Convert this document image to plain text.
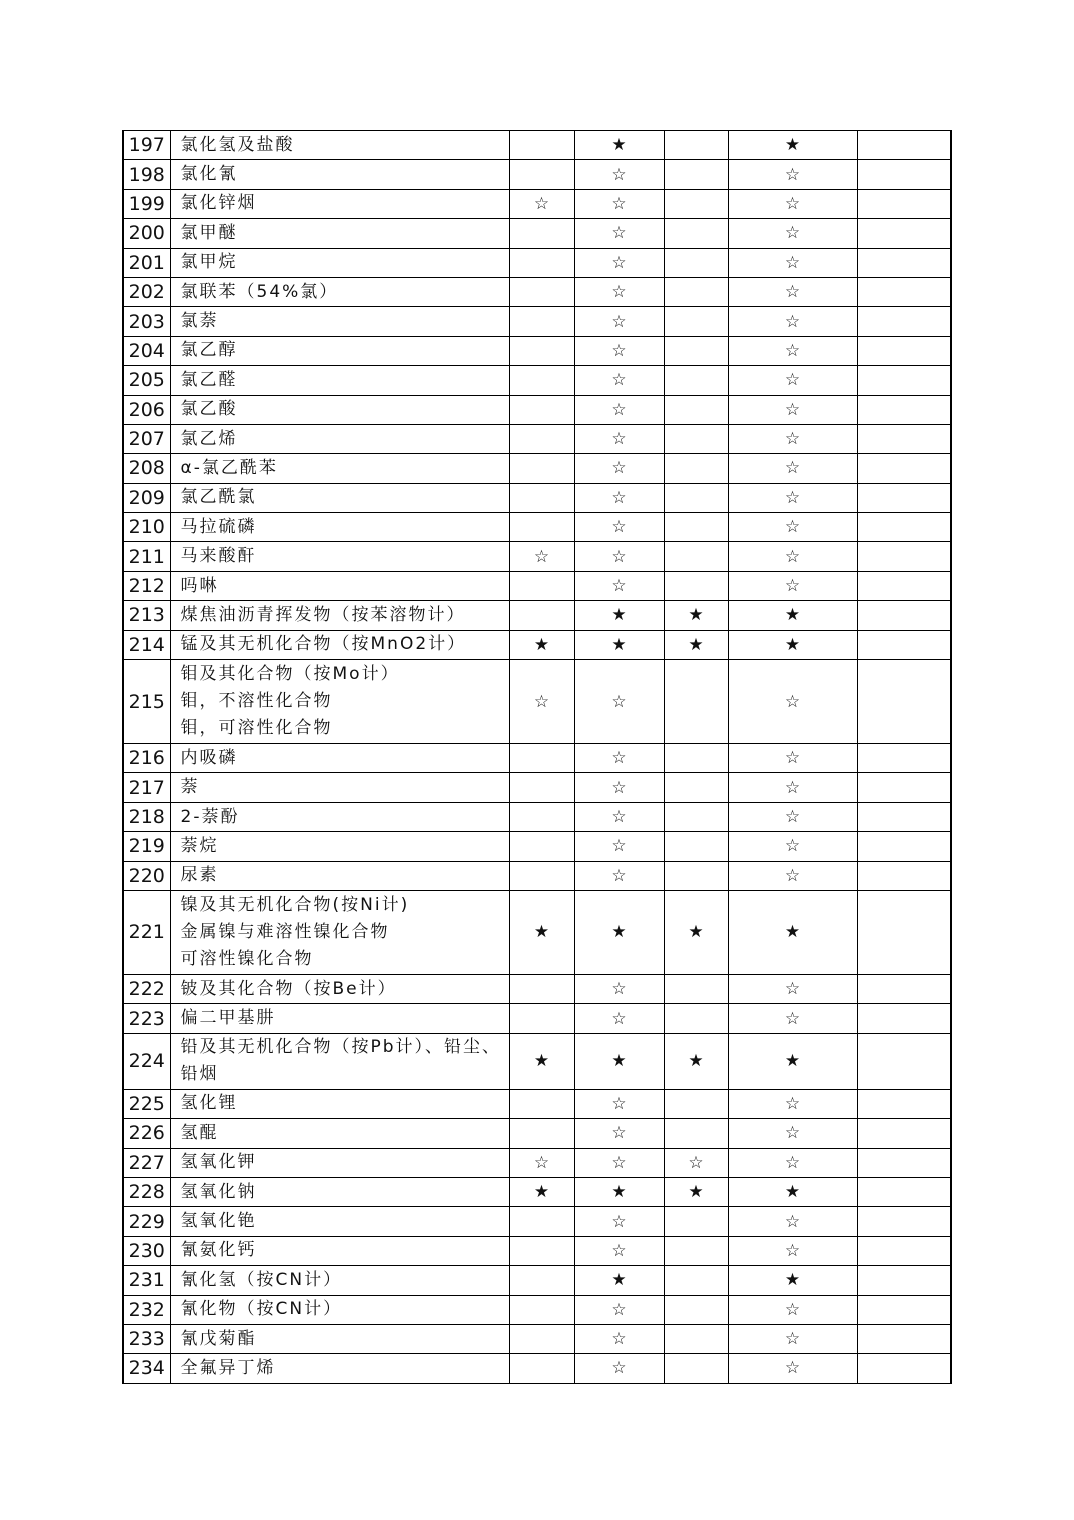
197	氯化氢及盐酸		★		★	
198	氯化氰		☆		☆	
199	氯化锌烟	☆	☆		☆	
200	氯甲醚		☆		☆	
201	氯甲烷		☆		☆	
202	氯联苯（54%氯）		☆		☆	
203	氯萘		☆		☆	
204	氯乙醇		☆		☆	
205	氯乙醛		☆		☆	
206	氯乙酸		☆		☆	
207	氯乙烯		☆		☆	
208	α-氯乙酰苯		☆		☆	
209	氯乙酰氯		☆		☆	
210	马拉硫磷		☆		☆	
211	马来酸酐	☆	☆		☆	
212	吗啉		☆		☆	
213	煤焦油沥青挥发物（按苯溶物计）		★	★	★	
214	锰及其无机化合物（按MnO2计）	★	★	★	★	
215	钼及其化合物（按Mo计）
钼，不溶性化合物
钼，可溶性化合物	☆	☆		☆	
216	内吸磷		☆		☆	
217	萘		☆		☆	
218	2-萘酚		☆		☆	
219	萘烷		☆		☆	
220	尿素		☆		☆	
221	镍及其无机化合物(按Ni计)
金属镍与难溶性镍化合物
可溶性镍化合物	★	★	★	★	
222	铍及其化合物（按Be计）		☆		☆	
223	偏二甲基肼		☆		☆	
224	铅及其无机化合物（按Pb计）、铅尘、
铅烟	★	★	★	★	
225	氢化锂		☆		☆	
226	氢醌		☆		☆	
227	氢氧化钾	☆	☆	☆	☆	
228	氢氧化钠	★	★	★	★	
229	氢氧化铯		☆		☆	
230	氰氨化钙		☆		☆	
231	氰化氢（按CN计）		★		★	
232	氰化物（按CN计）		☆		☆	
233	氰戊菊酯		☆		☆	
234	全氟异丁烯		☆		☆	
